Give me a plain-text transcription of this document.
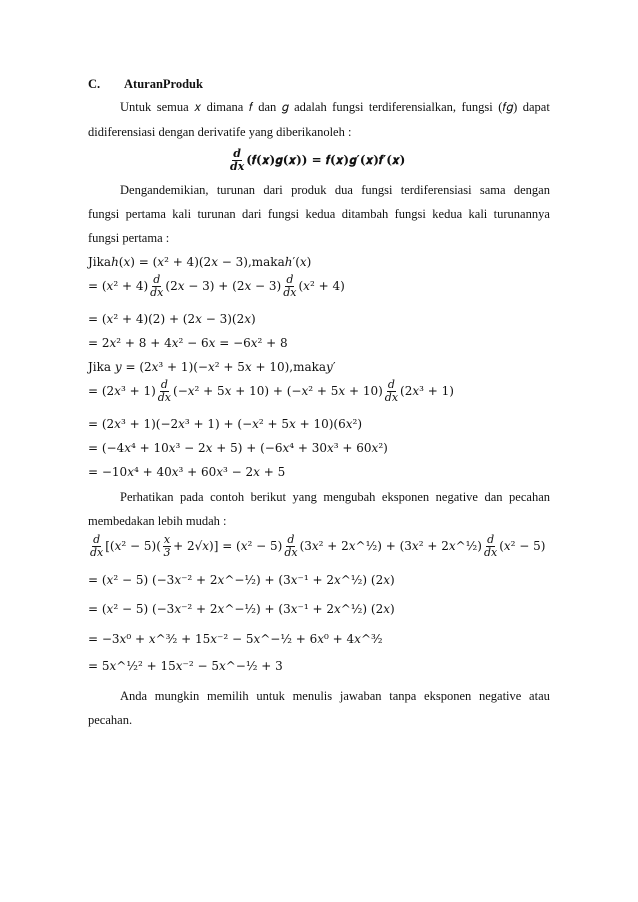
C. AturanProduk
Untuk semua 𝑥 dimana 𝑓 dan 𝑔 adalah fungsi terdiferensialkan, fungsi (𝑓𝑔) dapat
didiferensiasi dengan derivatife yang diberikanoleh :
$\frac{\text{𝒅}}{\text{𝒅𝒙}}$ (𝒇(𝒙)𝒈(𝒙)) = 𝒇(𝒙)𝒈′(𝒙)𝒇′(𝒙)
Dengandemikian, turunan dari produk dua fungsi terdiferensiasi sama dengan
fungsi pertama kali turunan dari fungsi kedua ditambah fungsi kedua kali turunannya
fungsi pertama :
Jikaℎ(𝑥) = (𝑥² + 4)(2𝑥 − 3),makaℎ′(𝑥)
= (𝑥² + $4) \frac{\text{𝑑}}{\text{𝑑𝑥}}$ (2𝑥 − 3) + (2𝑥 − $3) \frac{\text{𝑑}}{\text{𝑑𝑥}}$ (𝑥² + 4)
= (𝑥² + 4)(2) + (2𝑥 − 3)(2𝑥)
= 2𝑥² + 8 + 4𝑥² − 6𝑥 = −6𝑥² + 8
Jika 𝑦 = (2𝑥³ + 1)(−𝑥² + 5𝑥 + 10),maka𝑦′
= (2𝑥³ + $1) \frac{\text{𝑑}}{\text{𝑑𝑥}}$ (−𝑥² + 5𝑥 + 10) + (−𝑥² + 5𝑥 + $10) \frac{\text{𝑑}}{\text{𝑑𝑥}}$ (2𝑥³ + 1)
= (2𝑥³ + 1)(−2𝑥³ + 1) + (−𝑥² + 5𝑥 + 10)(6𝑥²)
= (−4𝑥⁴ + 10𝑥³ − 2𝑥 + 5) + (−6𝑥⁴ + 30𝑥³ + 60𝑥²)
= −10𝑥⁴ + 40𝑥³ + 60𝑥³ − 2𝑥 + 5
Perhatikan pada contoh berikut yang mengubah eksponen negative dan pecahan
membedakan lebih mudah :
$\frac{\text{𝑑}}{\text{𝑑𝑥}}$ [(𝑥² − $5)( \frac{\text{𝑥}}{3}$ + 2√𝑥)] = (𝑥² − $5) \frac{\text{𝑑}}{\text{𝑑𝑥}}$ (3𝑥² + 2𝑥^½) + (3𝑥² + 2𝑥^½) $\frac{\text{𝑑}}{\text{𝑑𝑥}}$ (𝑥² − 5)
= (𝑥² − 5) (−3𝑥⁻² + 2𝑥^−½) + (3𝑥⁻¹ + 2𝑥^½) (2𝑥)
= (𝑥² − 5) (−3𝑥⁻² + 2𝑥^−½) + (3𝑥⁻¹ + 2𝑥^½) (2𝑥)
= −3𝑥⁰ + 𝑥^³⁄₂ + 15𝑥⁻² − 5𝑥^−½ + 6𝑥⁰ + 4𝑥^³⁄₂
= 5𝑥^½² + 15𝑥⁻² − 5𝑥^−½ + 3
Anda mungkin memilih untuk menulis jawaban tanpa eksponen negative atau
pecahan.
